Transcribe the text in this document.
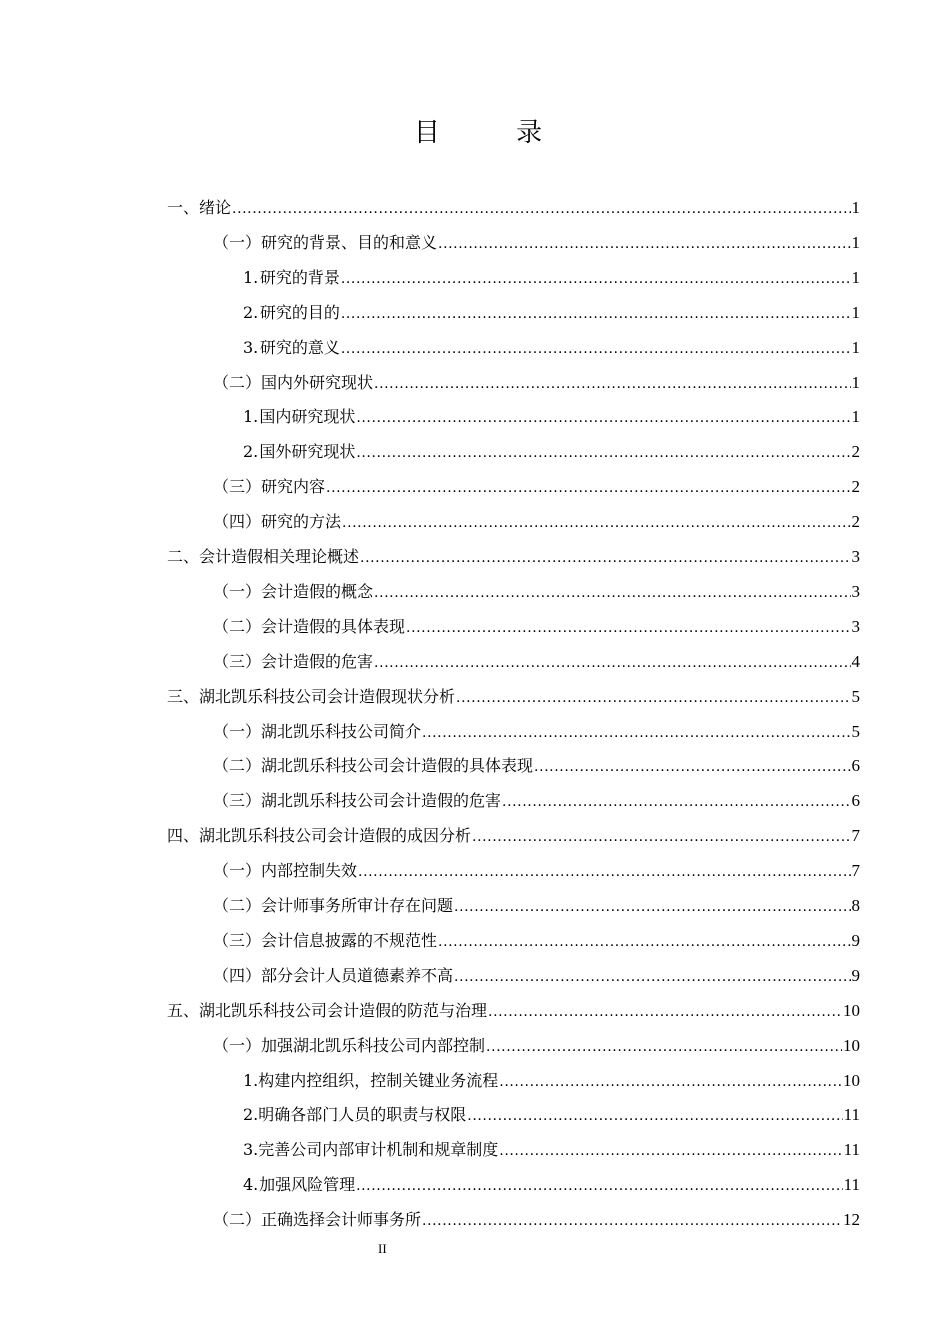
目 录
一、 绪论 .....	1
（一） 研究的背景、目的和意义 .....	1
1. 研究的背景 .....	1
2. 研究的目的 .....	1
3. 研究的意义 .....	1
（二） 国内外研究现状 .....	1
1. 国内研究现状 .....	1
2. 国外研究现状 .....	2
（三） 研究内容 .....	2
（四） 研究的方法 .....	2
二、 会计造假相关理论概述 .....	3
（一） 会计造假的概念 .....	3
（二） 会计造假的具体表现 .....	3
（三） 会计造假的危害 .....	4
三、 湖北凯乐科技公司会计造假现状分析 .....	5
（一） 湖北凯乐科技公司简介 .....	5
（二） 湖北凯乐科技公司会计造假的具体表现 .....	6
（三） 湖北凯乐科技公司会计造假的危害 .....	6
四、 湖北凯乐科技公司会计造假的成因分析 .....	7
（一） 内部控制失效 .....	7
（二） 会计师事务所审计存在问题 .....	8
（三） 会计信息披露的不规范性 .....	9
（四） 部分会计人员道德素养不高 .....	9
五、 湖北凯乐科技公司会计造假的防范与治理 .....	10
（一） 加强湖北凯乐科技公司内部控制 .....	10
1. 构建内控组织，控制关键业务流程 .....	10
2. 明确各部门人员的职责与权限 .....	11
3. 完善公司内部审计机制和规章制度 .....	11
4. 加强风险管理 .....	11
（二） 正确选择会计师事务所 .....	12
II
